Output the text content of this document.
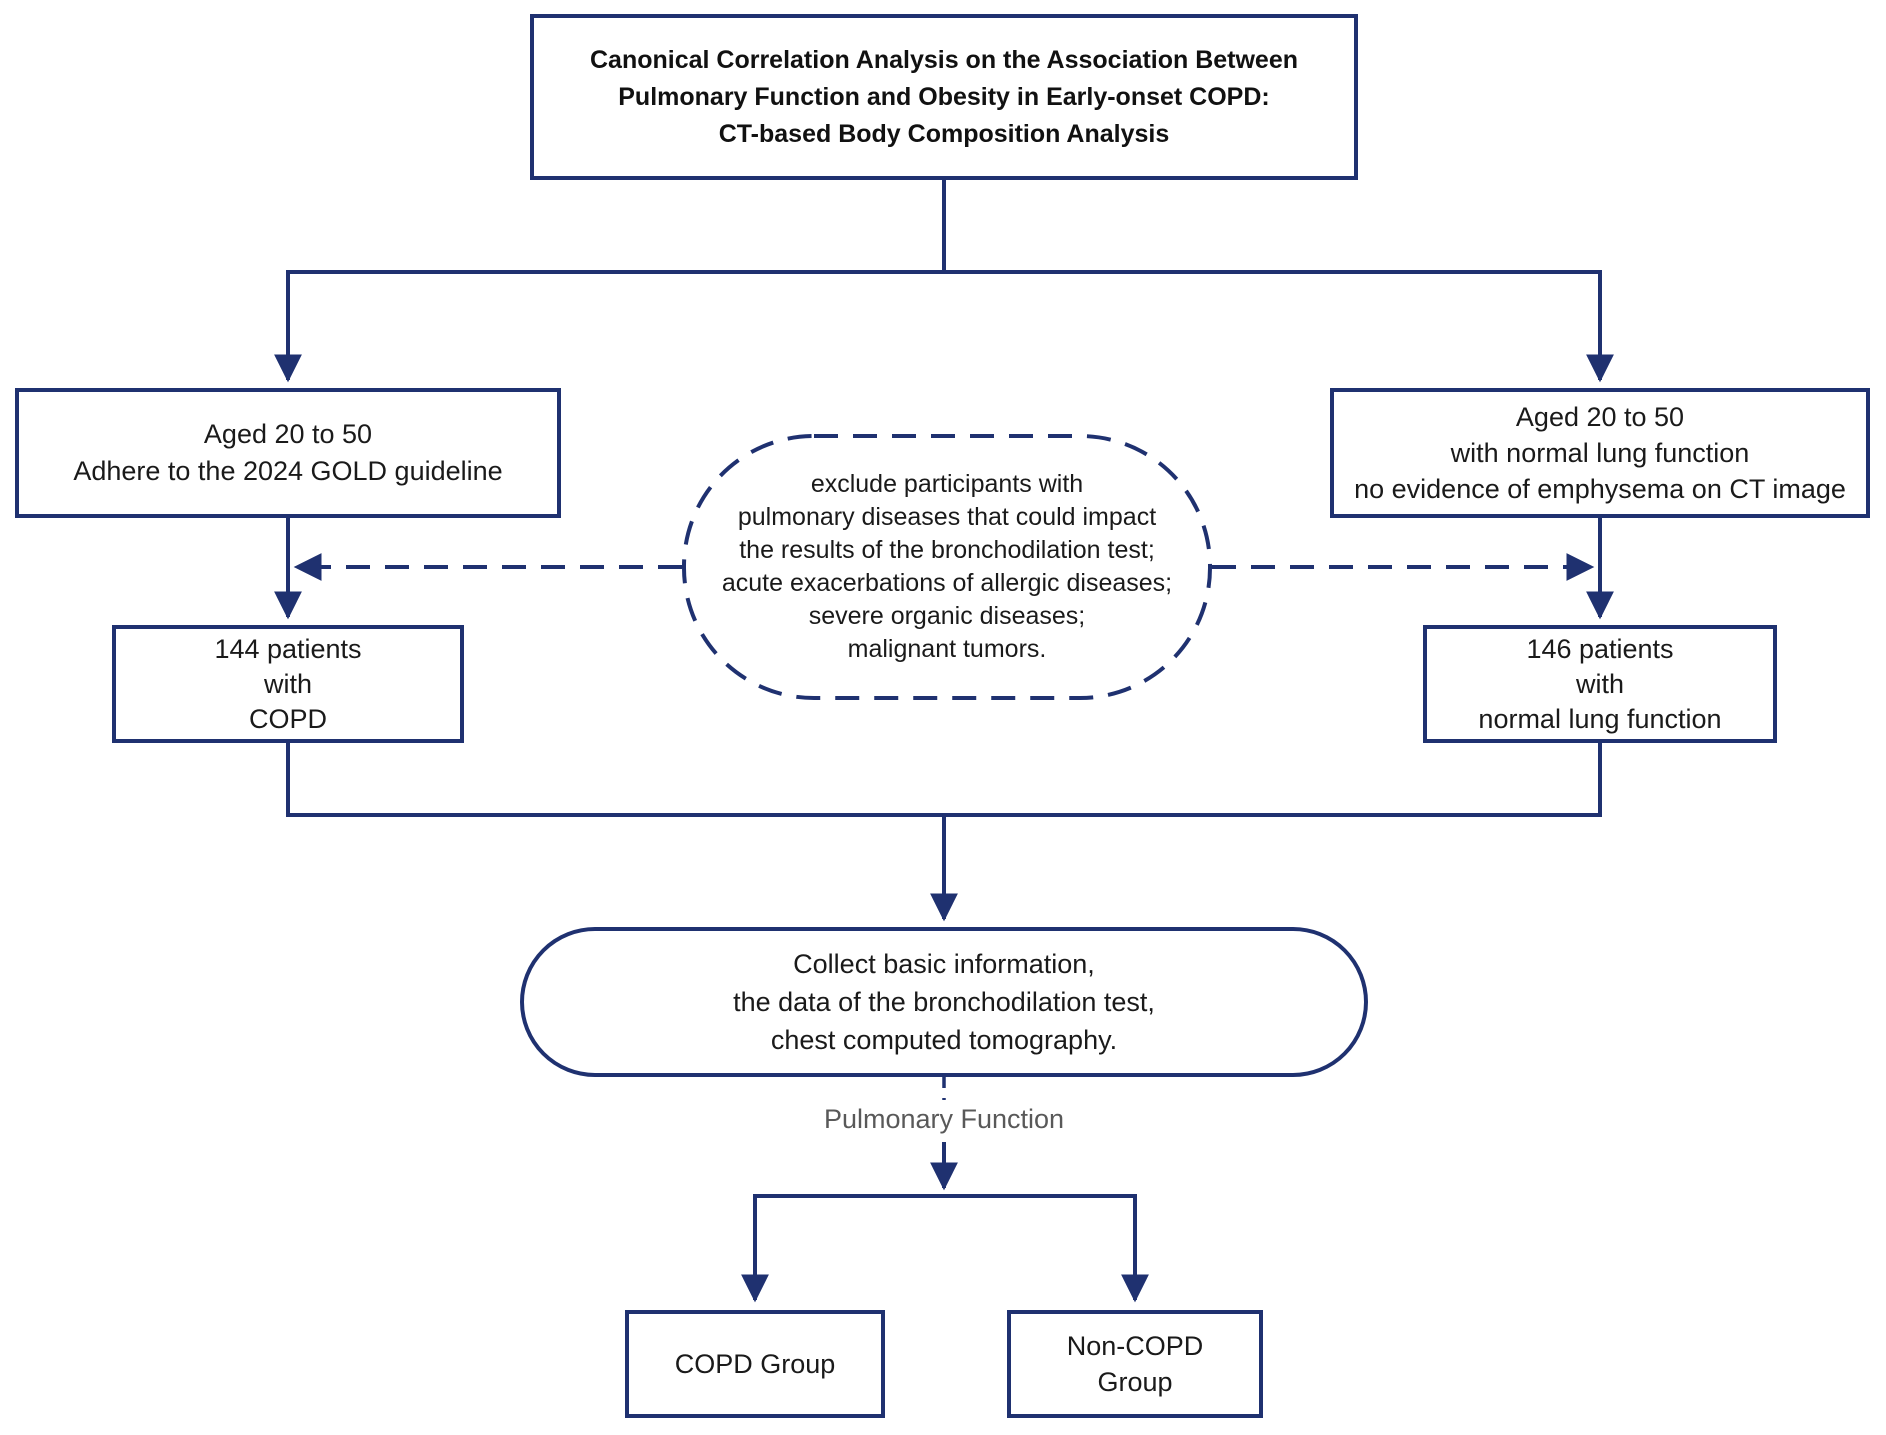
Canonical Correlation Analysis on the Association Between
Pulmonary Function and Obesity in Early-onset COPD:
CT-based Body Composition Analysis
Aged 20 to 50
Adhere to the 2024 GOLD guideline
Aged 20 to 50
with normal lung function
no evidence of emphysema on CT image
exclude participants with
pulmonary diseases that could impact
the results of the bronchodilation test;
acute exacerbations of allergic diseases;
severe organic diseases;
malignant tumors.
144 patients
with
COPD
146 patients
with
normal lung function
Collect basic information,
the data of the bronchodilation test,
chest computed tomography.
Pulmonary Function
COPD Group
Non-COPD
Group
